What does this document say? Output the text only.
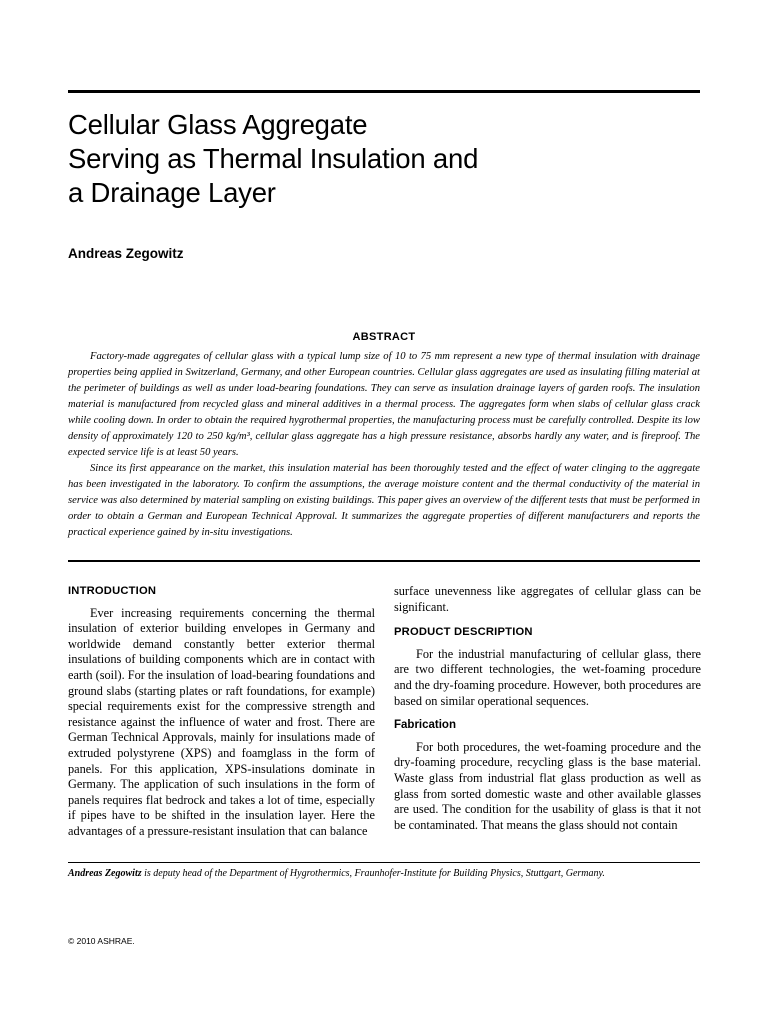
Cellular Glass Aggregate
Serving as Thermal Insulation and
a Drainage Layer
Andreas Zegowitz
ABSTRACT

Factory-made aggregates of cellular glass with a typical lump size of 10 to 75 mm represent a new type of thermal insulation with drainage properties being applied in Switzerland, Germany, and other European countries. Cellular glass aggregates are used as insulating filling material at the perimeter of buildings as well as under load-bearing foundations. They can serve as insulation drainage layers of garden roofs. The insulation material is manufactured from recycled glass and mineral additives in a thermal process. The aggregates form when slabs of cellular glass crack while cooling down. In order to obtain the required hygrothermal properties, the manufacturing process must be carefully controlled. Despite its low density of approximately 120 to 250 kg/m³, cellular glass aggregate has a high pressure resistance, absorbs hardly any water, and is fireproof. The expected service life is at least 50 years.

Since its first appearance on the market, this insulation material has been thoroughly tested and the effect of water clinging to the aggregate has been investigated in the laboratory. To confirm the assumptions, the average moisture content and the thermal conductivity of the material in service was also determined by material sampling on existing buildings. This paper gives an overview of the different tests that must be performed in order to obtain a German and European Technical Approval. It summarizes the aggregate properties of different manufacturers and reports the practical experience gained by in-situ investigations.

INTRODUCTION

Ever increasing requirements concerning the thermal insulation of exterior building envelopes in Germany and worldwide demand constantly better exterior thermal insulations of building components which are in contact with earth (soil). For the insulation of load-bearing foundations and ground slabs (starting plates or raft foundations, for example) special requirements exist for the compressive strength and resistance against the influence of water and frost. There are German Technical Approvals, mainly for insulations made of extruded polystyrene (XPS) and foamglass in the form of panels. For this application, XPS-insulations dominate in Germany. The application of such insulations in the form of panels requires flat bedrock and takes a lot of time, especially if pipes have to be shifted in the insulation layer. Here the advantages of a pressure-resistant insulation that can balance

surface unevenness like aggregates of cellular glass can be significant.

PRODUCT DESCRIPTION

For the industrial manufacturing of cellular glass, there are two different technologies, the wet-foaming procedure and the dry-foaming procedure. However, both procedures are based on similar operational sequences.

Fabrication

For both procedures, the wet-foaming procedure and the dry-foaming procedure, recycling glass is the base material. Waste glass from industrial flat glass production as well as glass from sorted domestic waste and other available glasses are used. The condition for the usability of glass is that it not be contaminated. That means the glass should not contain

Andreas Zegowitz is deputy head of the Department of Hygrothermics, Fraunhofer-Institute for Building Physics, Stuttgart, Germany.
© 2010 ASHRAE.
